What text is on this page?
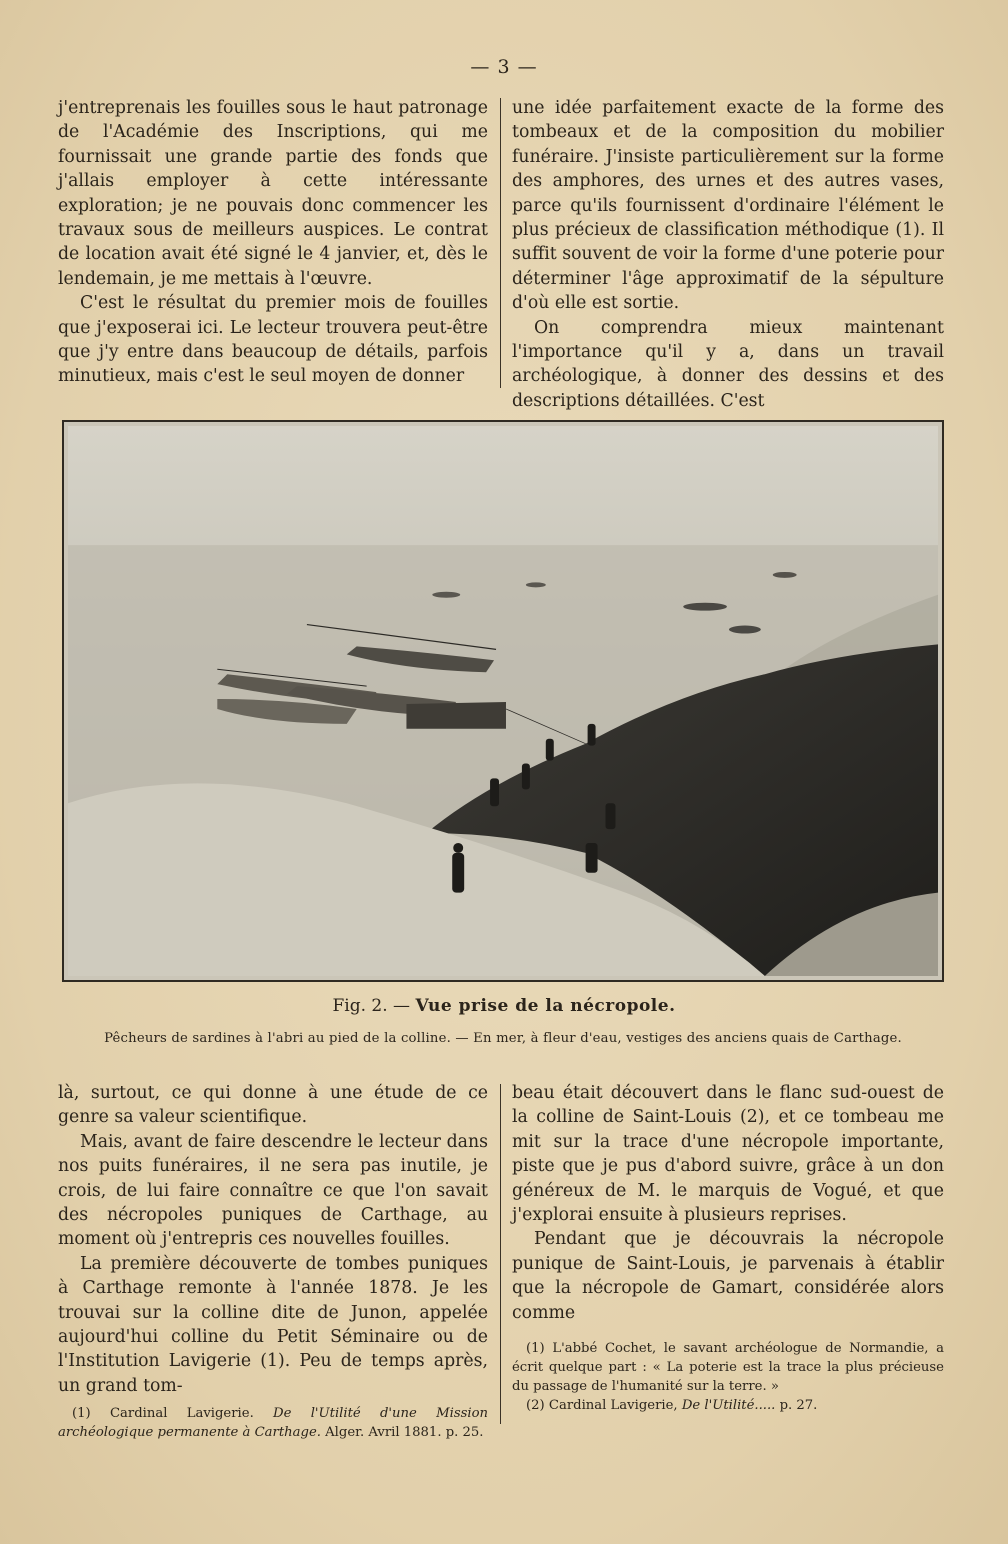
— 3 —

j'entreprenais les fouilles sous le haut patronage de l'Académie des Inscriptions, qui me fournissait une grande partie des fonds que j'allais employer à cette intéressante exploration; je ne pouvais donc commencer les travaux sous de meilleurs auspices. Le contrat de location avait été signé le 4 janvier, et, dès le lendemain, je me mettais à l'œuvre.

C'est le résultat du premier mois de fouilles que j'exposerai ici. Le lecteur trouvera peut-être que j'y entre dans beaucoup de détails, parfois minutieux, mais c'est le seul moyen de donner

une idée parfaitement exacte de la forme des tombeaux et de la composition du mobilier funéraire. J'insiste particulièrement sur la forme des amphores, des urnes et des autres vases, parce qu'ils fournissent d'ordinaire l'élément le plus précieux de classification méthodique (1). Il suffit souvent de voir la forme d'une poterie pour déterminer l'âge approximatif de la sépulture d'où elle est sortie.

On comprendra mieux maintenant l'importance qu'il y a, dans un travail archéologique, à donner des dessins et des descriptions détaillées. C'est

Fig. 2. — Vue prise de la nécropole.
Pêcheurs de sardines à l'abri au pied de la colline. — En mer, à fleur d'eau, vestiges des anciens quais de Carthage.

là, surtout, ce qui donne à une étude de ce genre sa valeur scientifique.

Mais, avant de faire descendre le lecteur dans nos puits funéraires, il ne sera pas inutile, je crois, de lui faire connaître ce que l'on savait des nécropoles puniques de Carthage, au moment où j'entrepris ces nouvelles fouilles.

La première découverte de tombes puniques à Carthage remonte à l'année 1878. Je les trouvai sur la colline dite de Junon, appelée aujourd'hui colline du Petit Séminaire ou de l'Institution Lavigerie (1). Peu de temps après, un grand tom-

(1) Cardinal Lavigerie. De l'Utilité d'une Mission archéologique permanente à Carthage. Alger. Avril 1881. p. 25.

beau était découvert dans le flanc sud-ouest de la colline de Saint-Louis (2), et ce tombeau me mit sur la trace d'une nécropole importante, piste que je pus d'abord suivre, grâce à un don généreux de M. le marquis de Vogué, et que j'explorai ensuite à plusieurs reprises.

Pendant que je découvrais la nécropole punique de Saint-Louis, je parvenais à établir que la nécropole de Gamart, considérée alors comme

(1) L'abbé Cochet, le savant archéologue de Normandie, a écrit quelque part : « La poterie est la trace la plus précieuse du passage de l'humanité sur la terre. »

(2) Cardinal Lavigerie, De l'Utilité..... p. 27.
